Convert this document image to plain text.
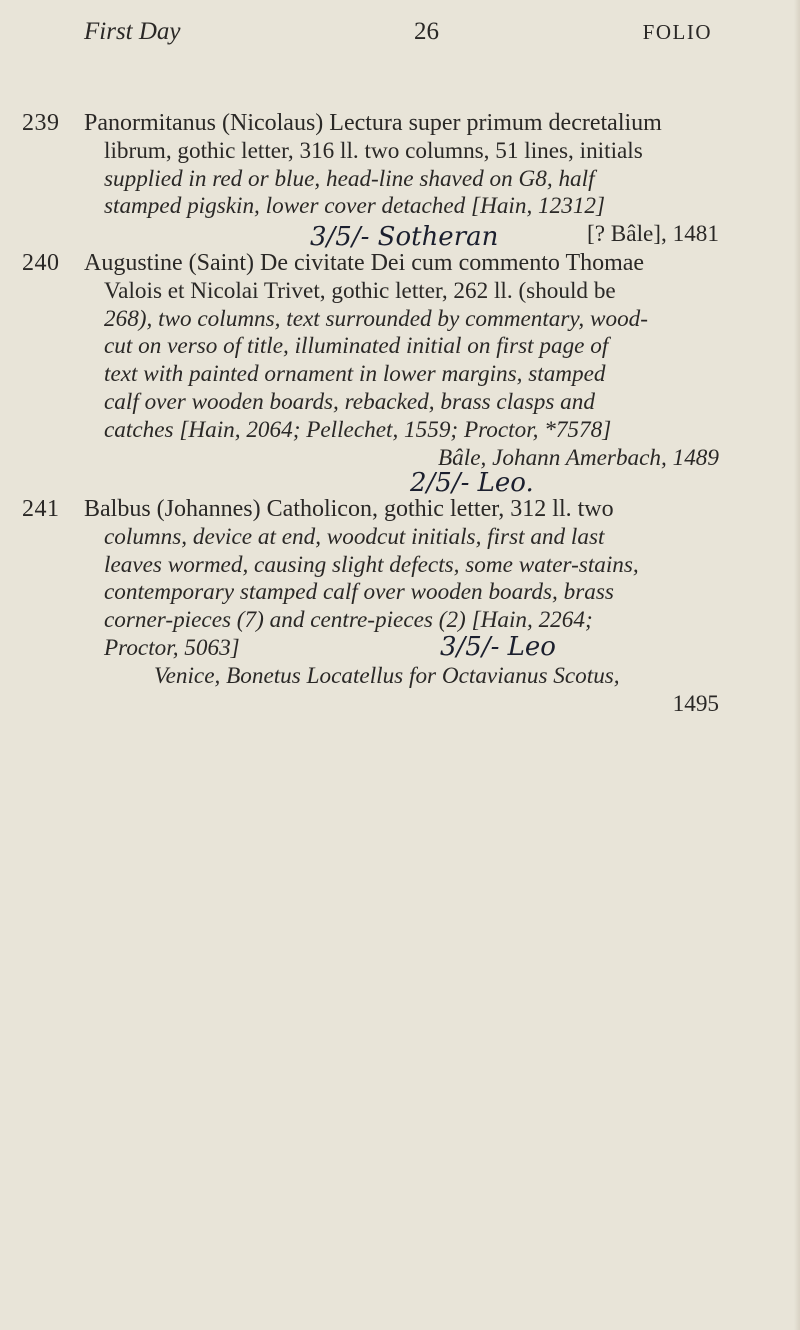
First Day	26	FOLIO
239 Panormitanus (Nicolaus) Lectura super primum decretalium
librum, gothic letter, 316 ll. two columns, 51 lines, initials
supplied in red or blue, head-line shaved on G8, half
stamped pigskin, lower cover detached [Hain, 12312]
[? Bâle], 1481
3/5/- Sotheran
240 Augustine (Saint) De civitate Dei cum commento Thomae
Valois et Nicolai Trivet, gothic letter, 262 ll. (should be
268), two columns, text surrounded by commentary, wood-
cut on verso of title, illuminated initial on first page of
text with painted ornament in lower margins, stamped
calf over wooden boards, rebacked, brass clasps and
catches [Hain, 2064; Pellechet, 1559; Proctor, *7578]
Bâle, Johann Amerbach, 1489
2/5/- Leo.
241 Balbus (Johannes) Catholicon, gothic letter, 312 ll. two
columns, device at end, woodcut initials, first and last
leaves wormed, causing slight defects, some water-stains,
contemporary stamped calf over wooden boards, brass
corner-pieces (7) and centre-pieces (2) [Hain, 2264;
Proctor, 5063]
Venice, Bonetus Locatellus for Octavianus Scotus,
1495
3/5/- Leo
